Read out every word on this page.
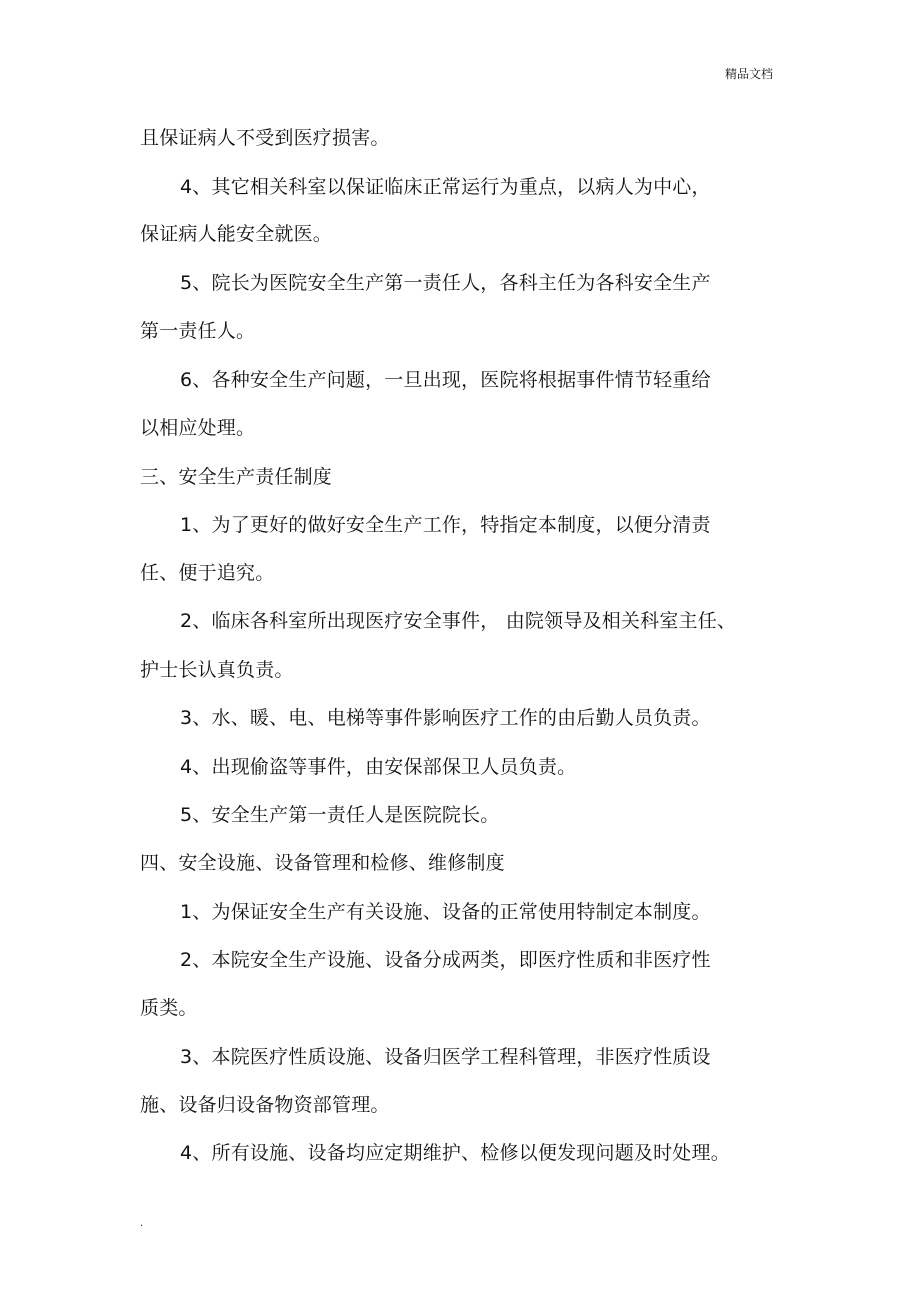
精品文档
且保证病人不受到医疗损害。
4、其它相关科室以保证临床正常运行为重点，以病人为中心，
保证病人能安全就医。
5、院长为医院安全生产第一责任人，各科主任为各科安全生产
第一责任人。
6、各种安全生产问题，一旦出现，医院将根据事件情节轻重给
以相应处理。
三、安全生产责任制度
1、为了更好的做好安全生产工作，特指定本制度，以便分清责
任、便于追究。
2、临床各科室所出现医疗安全事件， 由院领导及相关科室主任、
护士长认真负责。
3、水、暖、电、电梯等事件影响医疗工作的由后勤人员负责。
4、出现偷盗等事件，由安保部保卫人员负责。
5、安全生产第一责任人是医院院长。
四、安全设施、设备管理和检修、维修制度
1、为保证安全生产有关设施、设备的正常使用特制定本制度。
2、本院安全生产设施、设备分成两类，即医疗性质和非医疗性
质类。
3、本院医疗性质设施、设备归医学工程科管理，非医疗性质设
施、设备归设备物资部管理。
4、所有设施、设备均应定期维护、检修以便发现问题及时处理。
.
